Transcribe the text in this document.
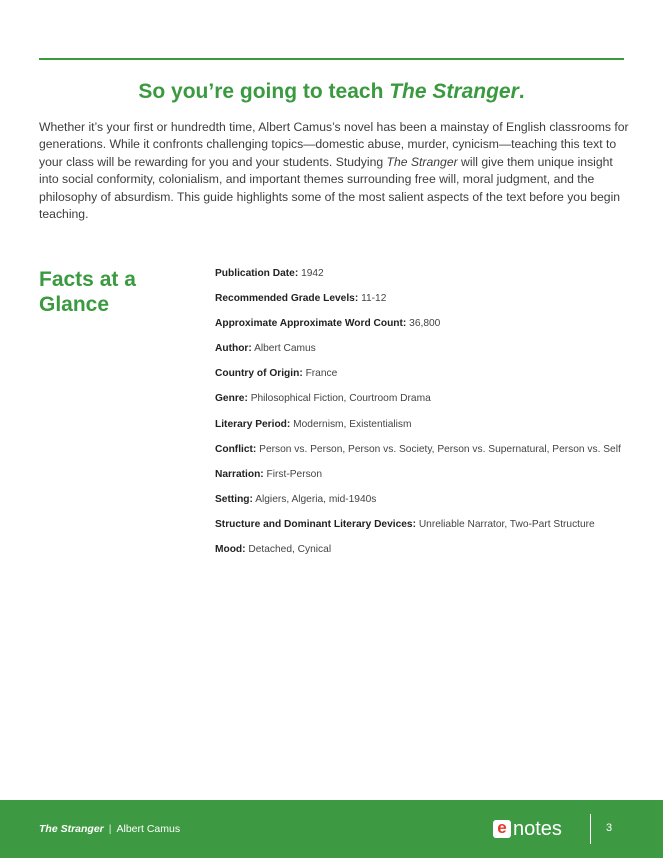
So you’re going to teach The Stranger.

Whether it’s your first or hundredth time, Albert Camus’s novel has been a mainstay of English classrooms for generations. While it confronts challenging topics—domestic abuse, murder, cynicism—teaching this text to your class will be rewarding for you and your students. Studying The Stranger will give them unique insight into social conformity, colonialism, and important themes surrounding free will, moral judgment, and the philosophy of absurdism. This guide highlights some of the most salient aspects of the text before you begin teaching.

Facts at a Glance
Publication Date: 1942
Recommended Grade Levels: 11-12
Approximate Approximate Word Count: 36,800
Author: Albert Camus
Country of Origin: France
Genre: Philosophical Fiction, Courtroom Drama
Literary Period: Modernism, Existentialism
Conflict: Person vs. Person, Person vs. Society, Person vs. Supernatural, Person vs. Self
Narration: First-Person
Setting: Algiers, Algeria, mid-1940s
Structure and Dominant Literary Devices: Unreliable Narrator, Two-Part Structure
Mood: Detached, Cynical
The Stranger | Albert Camus	e notes	3
